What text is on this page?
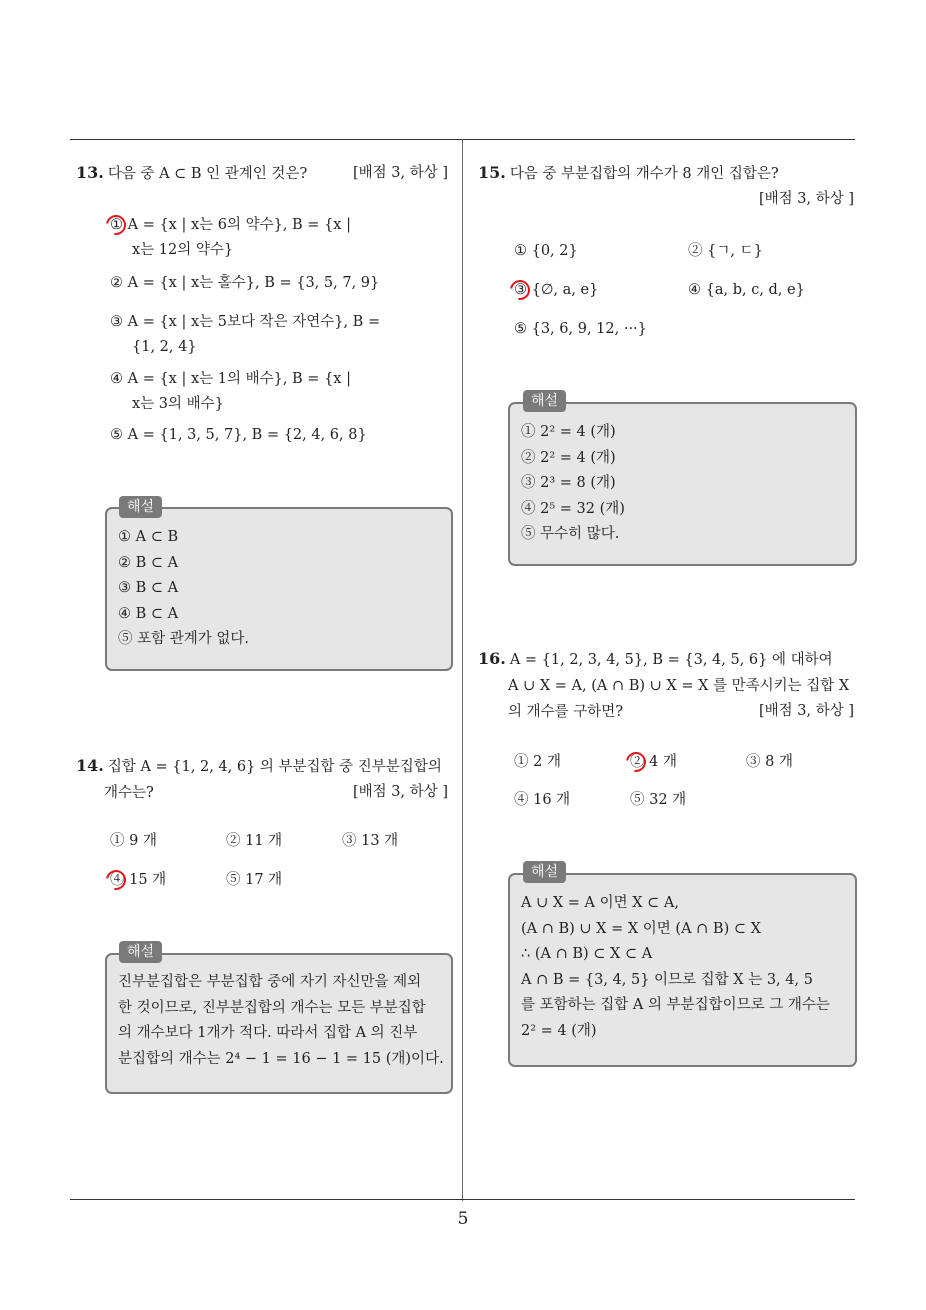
5
13. 다음 중 A ⊂ B 인 관계인 것은?	[배점 3, 하상 ]
① A = {x | x는 6의 약수}, B = {x |
x는 12의 약수}
② A = {x | x는 홀수}, B = {3, 5, 7, 9}
③ A = {x | x는 5보다 작은 자연수}, B =
{1, 2, 4}
④ A = {x | x는 1의 배수}, B = {x |
x는 3의 배수}
⑤ A = {1, 3, 5, 7}, B = {2, 4, 6, 8}
해설
① A ⊂ B
② B ⊂ A
③ B ⊂ A
④ B ⊂ A
⑤ 포함 관계가 없다.
14. 집합 A = {1, 2, 4, 6} 의 부분집합 중 진부분집합의
개수는?	[배점 3, 하상 ]
① 9 개	② 11 개	③ 13 개
④ 15 개	⑤ 17 개
해설
진부분집합은 부분집합 중에 자기 자신만을 제외
한 것이므로, 진부분집합의 개수는 모든 부분집합
의 개수보다 1개가 적다. 따라서 집합 A 의 진부
분집합의 개수는 2⁴ − 1 = 16 − 1 = 15 (개)이다.
15. 다음 중 부분집합의 개수가 8 개인 집합은?
[배점 3, 하상 ]
① {0, 2}	② {ㄱ, ㄷ}
③ {∅, a, e}	④ {a, b, c, d, e}
⑤ {3, 6, 9, 12, ···}
해설
① 2² = 4 (개)
② 2² = 4 (개)
③ 2³ = 8 (개)
④ 2⁵ = 32 (개)
⑤ 무수히 많다.
16. A = {1, 2, 3, 4, 5}, B = {3, 4, 5, 6} 에 대하여
A ∪ X = A, (A ∩ B) ∪ X = X 를 만족시키는 집합 X
의 개수를 구하면?	[배점 3, 하상 ]
① 2 개	② 4 개	③ 8 개
④ 16 개	⑤ 32 개
해설
A ∪ X = A 이면 X ⊂ A,
(A ∩ B) ∪ X = X 이면 (A ∩ B) ⊂ X
∴ (A ∩ B) ⊂ X ⊂ A
A ∩ B = {3, 4, 5} 이므로 집합 X 는 3, 4, 5
를 포함하는 집합 A 의 부분집합이므로 그 개수는
2² = 4 (개)
